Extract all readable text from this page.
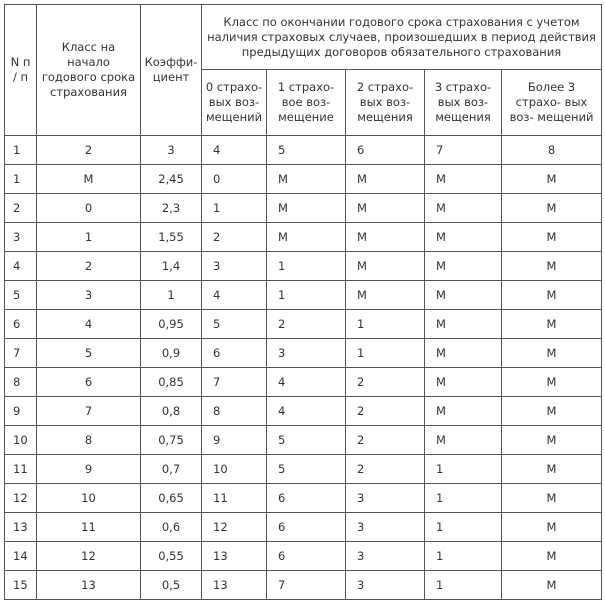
N п / п	Класс на начало годового срока страхования	Коэффи- циент	Класс по окончании годового срока страхования с учетом наличия страховых случаев, произошедших в период действия предыдущих договоров обязательного страхования				
			0 страхо- вых воз- мещений	1 страхо- вое воз- мещение	2 страхо- вых воз- мещения	3 страхо- вых воз- мещения	Более 3 страхо- вых воз- мещений
1	2	3	4	5	6	7	8
1	М	2,45	0	М	М	М	М
2	0	2,3	1	М	М	М	М
3	1	1,55	2	М	М	М	М
4	2	1,4	3	1	М	М	М
5	3	1	4	1	М	М	М
6	4	0,95	5	2	1	М	М
7	5	0,9	6	3	1	М	М
8	6	0,85	7	4	2	М	М
9	7	0,8	8	4	2	М	М
10	8	0,75	9	5	2	М	М
11	9	0,7	10	5	2	1	М
12	10	0,65	11	6	3	1	М
13	11	0,6	12	6	3	1	М
14	12	0,55	13	6	3	1	М
15	13	0,5	13	7	3	1	М
